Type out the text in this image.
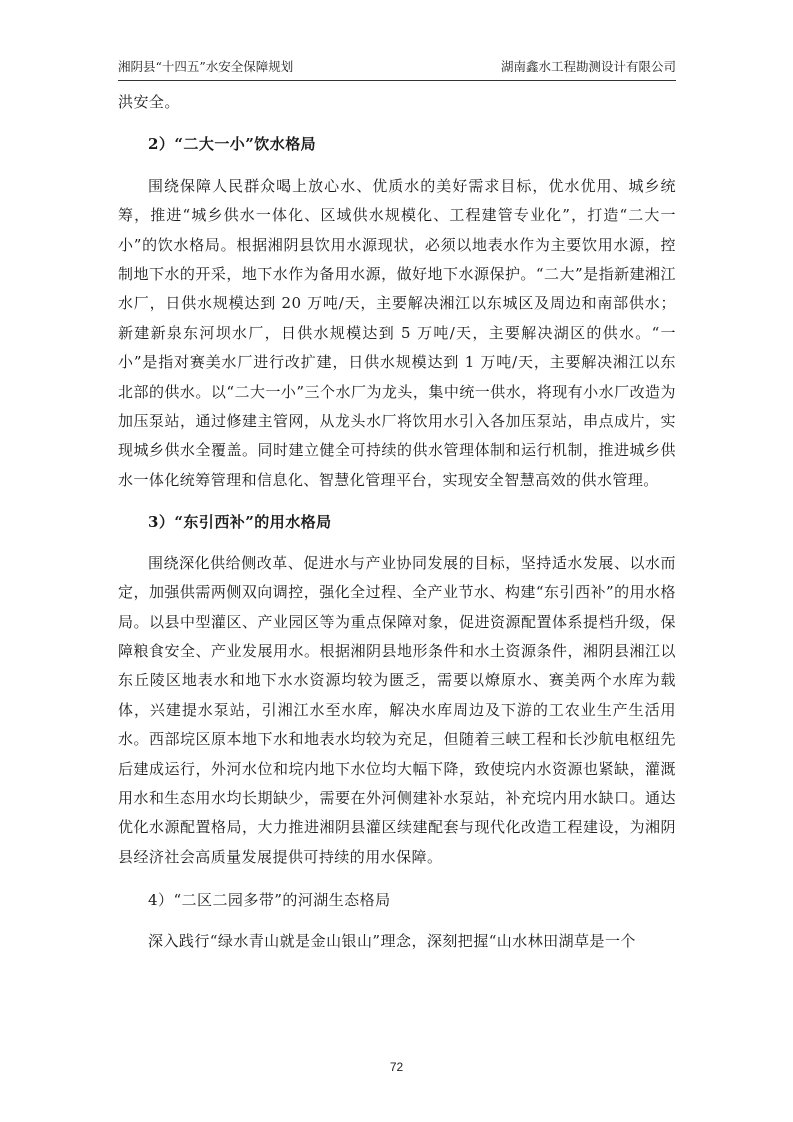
湘阴县“十四五”水安全保障规划	湖南鑫水工程勘测设计有限公司

洪安全。

2）“二大一小”饮水格局

围绕保障人民群众喝上放心水、优质水的美好需求目标，优水优用、城乡统筹，推进“城乡供水一体化、区域供水规模化、工程建管专业化”，打造“二大一小”的饮水格局。根据湘阴县饮用水源现状，必须以地表水作为主要饮用水源，控制地下水的开采，地下水作为备用水源，做好地下水源保护。“二大”是指新建湘江水厂，日供水规模达到 20 万吨/天，主要解决湘江以东城区及周边和南部供水；新建新泉东河坝水厂，日供水规模达到 5 万吨/天，主要解决湖区的供水。“一小”是指对赛美水厂进行改扩建，日供水规模达到 1 万吨/天，主要解决湘江以东北部的供水。以“二大一小”三个水厂为龙头，集中统一供水，将现有小水厂改造为加压泵站，通过修建主管网，从龙头水厂将饮用水引入各加压泵站，串点成片，实现城乡供水全覆盖。同时建立健全可持续的供水管理体制和运行机制，推进城乡供水一体化统筹管理和信息化、智慧化管理平台，实现安全智慧高效的供水管理。

3）“东引西补”的用水格局

围绕深化供给侧改革、促进水与产业协同发展的目标，坚持适水发展、以水而定，加强供需两侧双向调控，强化全过程、全产业节水、构建“东引西补”的用水格局。以县中型灌区、产业园区等为重点保障对象，促进资源配置体系提档升级，保障粮食安全、产业发展用水。根据湘阴县地形条件和水土资源条件，湘阴县湘江以东丘陵区地表水和地下水水资源均较为匮乏，需要以燎原水、赛美两个水库为载体，兴建提水泵站，引湘江水至水库，解决水库周边及下游的工农业生产生活用水。西部垸区原本地下水和地表水均较为充足，但随着三峡工程和长沙航电枢纽先后建成运行，外河水位和垸内地下水位均大幅下降，致使垸内水资源也紧缺，灌溉用水和生态用水均长期缺少，需要在外河侧建补水泵站，补充垸内用水缺口。通达优化水源配置格局，大力推进湘阴县灌区续建配套与现代化改造工程建设，为湘阴县经济社会高质量发展提供可持续的用水保障。

4）“二区二园多带”的河湖生态格局

深入践行“绿水青山就是金山银山”理念，深刻把握“山水林田湖草是一个

72
